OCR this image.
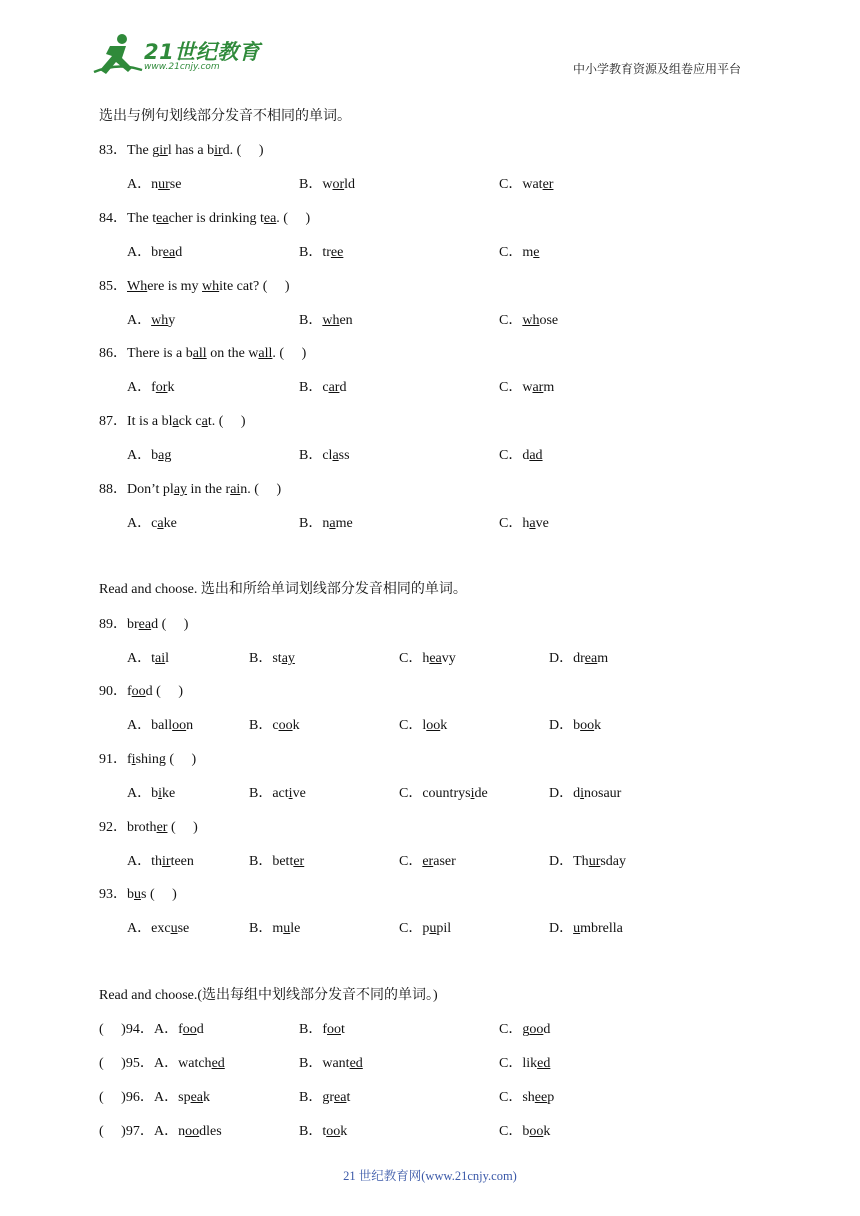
21世纪教育
www.21cnjy.com	中小学教育资源及组卷应用平台
选出与例句划线部分发音不相同的单词。
Read and choose. 选出和所给单词划线部分发音相同的单词。
Read and choose.(选出每组中划线部分发音不同的单词。)
83．The girl has a bird. (　 )
A．nurse	B．world	C．water
84．The teacher is drinking tea. (　 )
A．bread	B．tree	C．me
85．Where is my white cat? (　 )
A．why	B．when	C．whose
86．There is a ball on the wall. (　 )
A．fork	B．card	C．warm
87．It is a black cat. (　 )
A．bag	B．class	C．dad
88．Don’t play in the rain. (　 )
A．cake	B．name	C．have
89．bread (　 )
A．tail	B．stay	C．heavy	D．dream
90．food (　 )
A．balloon	B．cook	C．look	D．book
91．fishing (　 )
A．bike	B．active	C．countryside	D．dinosaur
92．brother (　 )
A．thirteen	B．better	C．eraser	D．Thursday
93．bus (　 )
A．excuse	B．mule	C．pupil	D．umbrella
(　 )94． A．food	B．foot	C．good
(　 )95． A．watched	B．wanted	C．liked
(　 )96． A．speak	B．great	C．sheep
(　 )97． A．noodles	B．took	C．book
21 世纪教育网(www.21cnjy.com)
